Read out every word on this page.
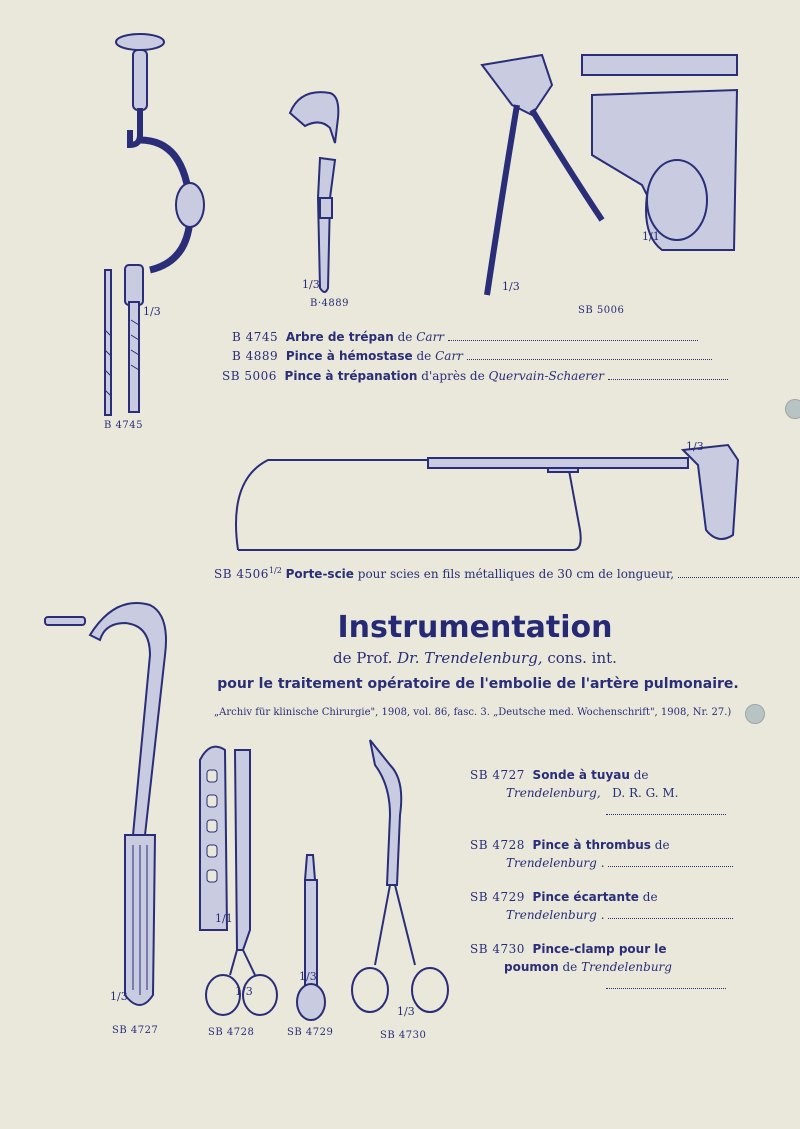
1/3
B 4745
1/3
B·4889
1/3
1/1
SB 5006
B 4745 Arbre de trépan de Carr
B 4889 Pince à hémostase de Carr
SB 5006 Pince à trépanation d'après de Quervain-Schaerer
1/3
SB $4506^{1/2}$ Porte-scie pour scies en fils métalliques de 30 cm de longueur,
Instrumentation
de Prof. Dr. Trendelenburg, cons. int.
pour le traitement opératoire de l'embolie de l'artère pulmonaire.
„Archiv für klinische Chirurgie", 1908, vol. 86, fasc. 3. „Deutsche med. Wochenschrift", 1908, Nr. 27.)
1/3
SB 4727
1/1
1/3
SB 4728
1/3
SB 4729
1/3
SB 4730
SB 4727 Sonde à tuyau de
Trendelenburg, D. R. G. M.

SB 4728 Pince à thrombus de
Trendelenburg .
SB 4729 Pince écartante de
Trendelenburg .
SB 4730 Pince-clamp pour le
poumon de Trendelenburg
